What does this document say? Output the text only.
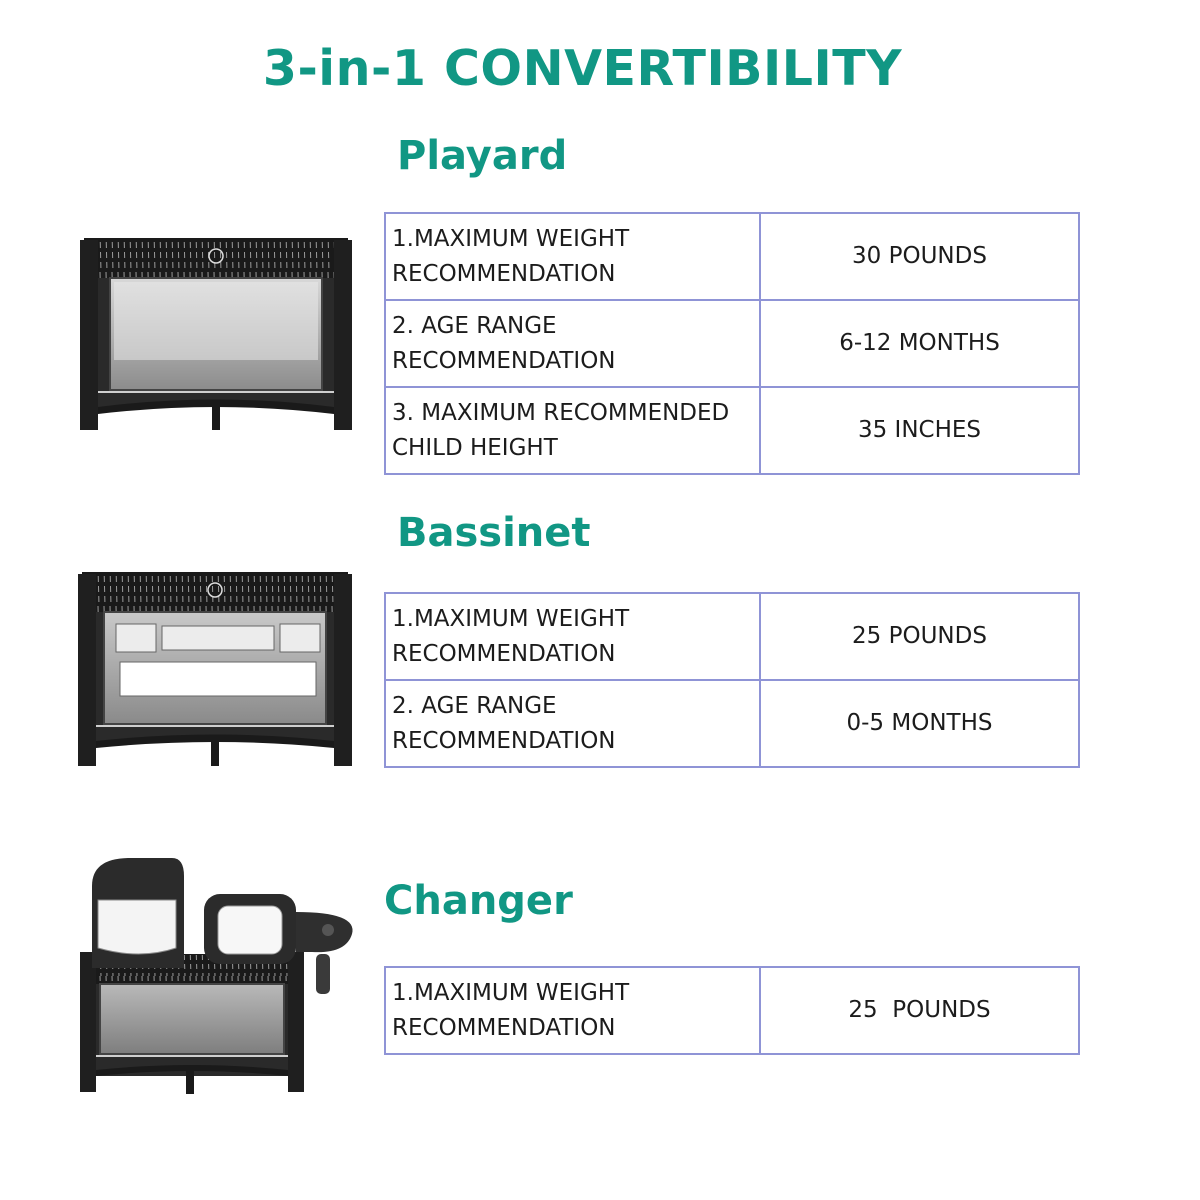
3-in-1 CONVERTIBILITY
Playard
1.MAXIMUM WEIGHT
RECOMMENDATION	30 POUNDS

2. AGE RANGE
RECOMMENDATION	6-12 MONTHS

3. MAXIMUM RECOMMENDED
CHILD HEIGHT	35 INCHES
Bassinet
1.MAXIMUM WEIGHT
RECOMMENDATION	25 POUNDS

2. AGE RANGE
RECOMMENDATION	0-5 MONTHS
Changer
1.MAXIMUM WEIGHT
RECOMMENDATION
	25  POUNDS
